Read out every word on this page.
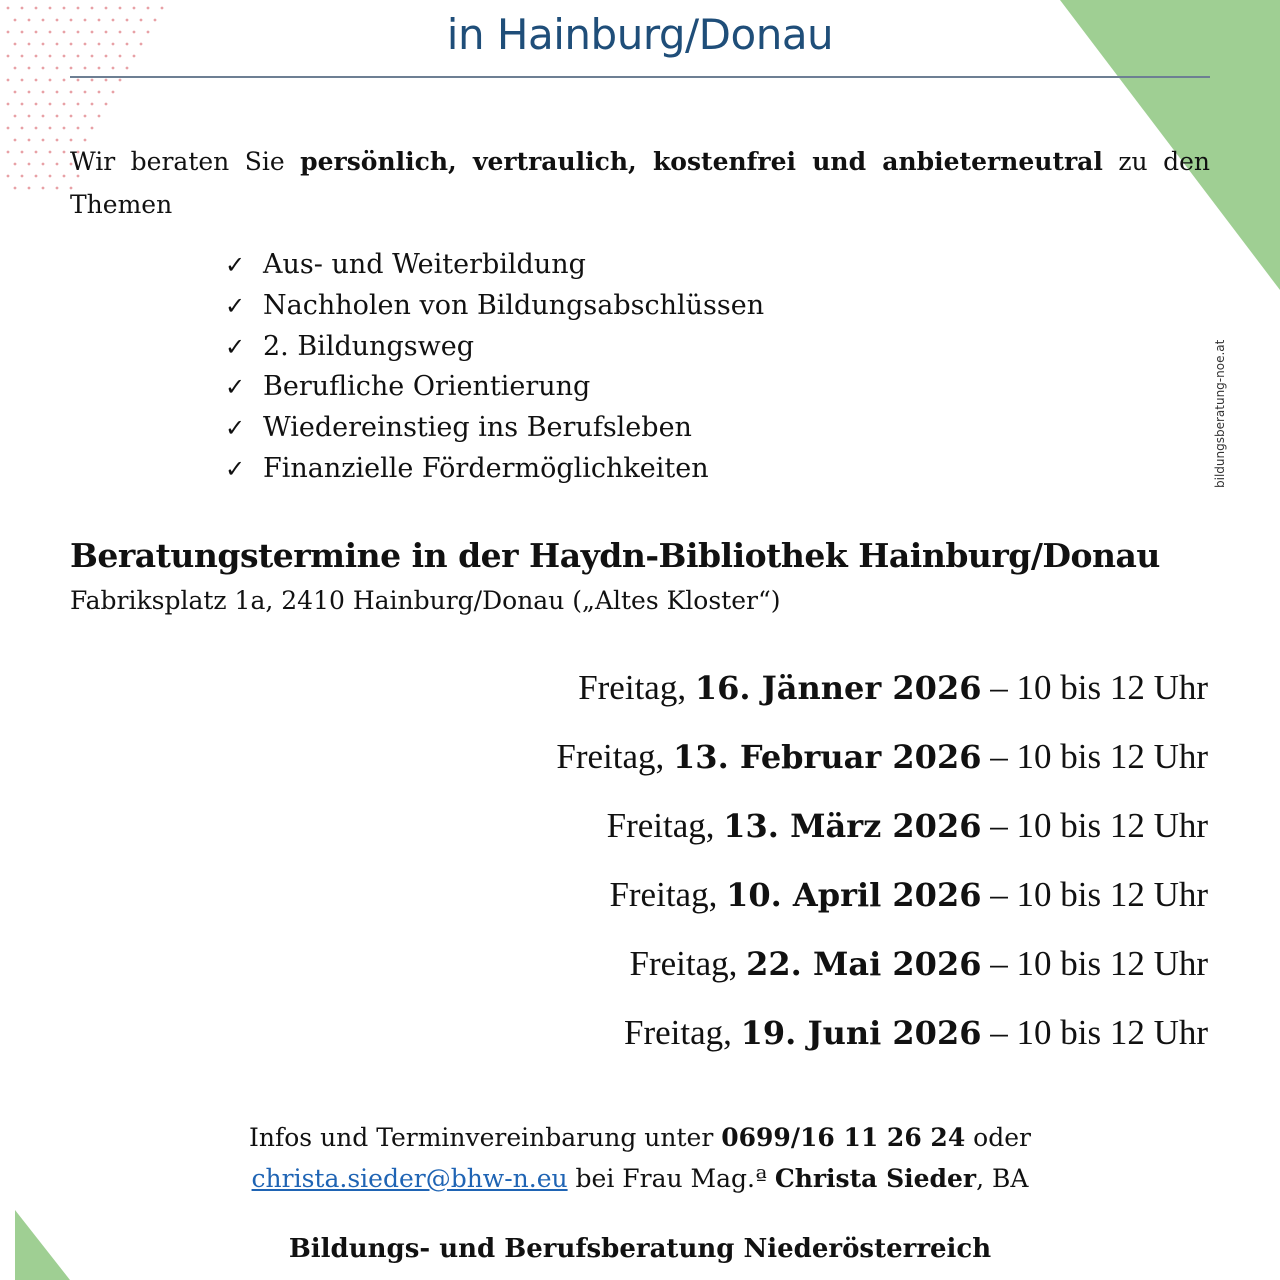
in Hainburg/Donau
Wir beraten Sie persönlich, vertraulich, kostenfrei und anbieterneutral zu den Themen
✓ Aus- und Weiterbildung
✓ Nachholen von Bildungsabschlüssen
✓ 2. Bildungsweg
✓ Berufliche Orientierung
✓ Wiedereinstieg ins Berufsleben
✓ Finanzielle Fördermöglichkeiten	bildungsberatung-noe.at
Beratungstermine in der Haydn-Bibliothek Hainburg/Donau
Fabriksplatz 1a, 2410 Hainburg/Donau („Altes Kloster“)
Freitag, 16. Jänner 2026 – 10 bis 12 Uhr
Freitag, 13. Februar 2026 – 10 bis 12 Uhr
Freitag, 13. März 2026 – 10 bis 12 Uhr
Freitag, 10. April 2026 – 10 bis 12 Uhr
Freitag, 22. Mai 2026 – 10 bis 12 Uhr
Freitag, 19. Juni 2026 – 10 bis 12 Uhr
Infos und Terminvereinbarung unter 0699/16 11 26 24 oder
christa.sieder@bhw-n.eu bei Frau Mag.ª Christa Sieder, BA
Bildungs- und Berufsberatung Niederösterreich
